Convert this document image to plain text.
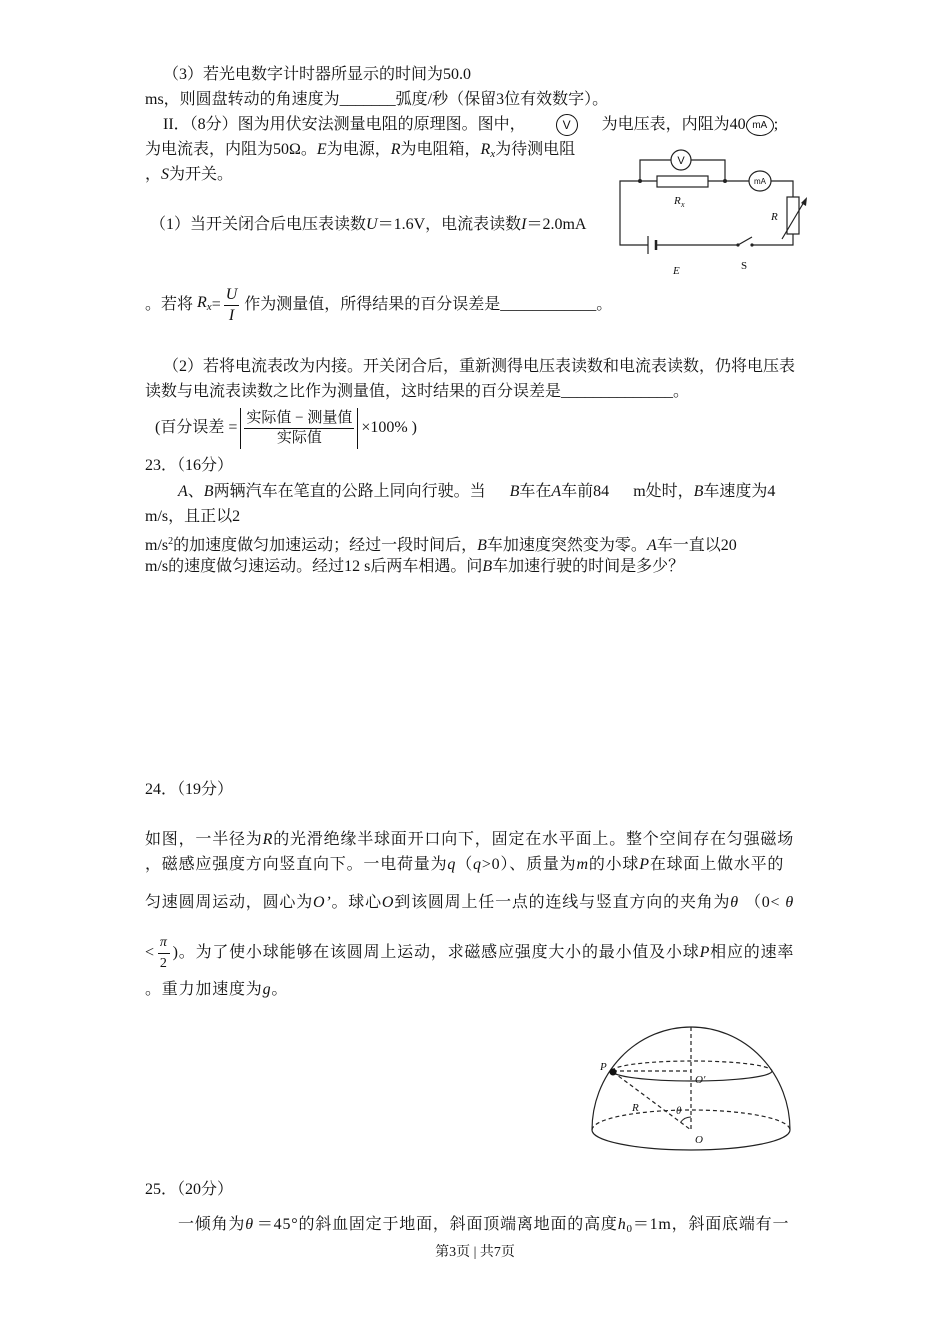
（3）若光电数字计时器所显示的时间为50.0
ms，则圆盘转动的角速度为_______弧度/秒（保留3位有效数字）。
II．（8分）图为用伏安法测量电阻的原理图。图中，	V	为电压表，内阻为40 mA ;
为电流表，内阻为50Ω。E为电源，R为电阻箱，$R_x$为待测电阻
，S为开关。
（1）当开关闭合后电压表读数U＝1.6V，电流表读数I＝2.0mA
。若将 $R_x = \frac{U}{I}$ 作为测量值，所得结果的百分误差是____________。
（2）若将电流表改为内接。开关闭合后，重新测得电压表读数和电流表读数，仍将电压表
读数与电流表读数之比作为测量值，这时结果的百分误差是______________。
(百分误差 = $\frac{\text{实际值 − 测量值}}{\text{实际值}} \times 100\%$ )
V
mA
R x
R
E	S
23．（16分）
A、B两辆汽车在笔直的公路上同向行驶。当 B车在A车前84 m处时，B车速度为4
m/s，且正以2
$m/s^2$的加速度做匀加速运动；经过一段时间后，B车加速度突然变为零。A车一直以20
m/s的速度做匀速运动。经过12 s后两车相遇。问B车加速行驶的时间是多少？
24．（19分）
如图，一半径为R的光滑绝缘半球面开口向下，固定在水平面上。整个空间存在匀强磁场
，磁感应强度方向竖直向下。一电荷量为q（q>0）、质量为m的小球P在球面上做水平的
匀速圆周运动，圆心为O’。球心O到该圆周上任一点的连线与竖直方向的夹角为θ （0< θ
< $\frac{\pi}{2}$ )。为了使小球能够在该圆周上运动，求磁感应强度大小的最小值及小球 P 相应的速率
。重力加速度为g。
P
O′
R	θ
O
25．（20分）
一倾角为θ ＝45°的斜血固定于地面，斜面顶端离地面的高度$h_0=1m$，斜面底端有一
第3页 | 共7页
